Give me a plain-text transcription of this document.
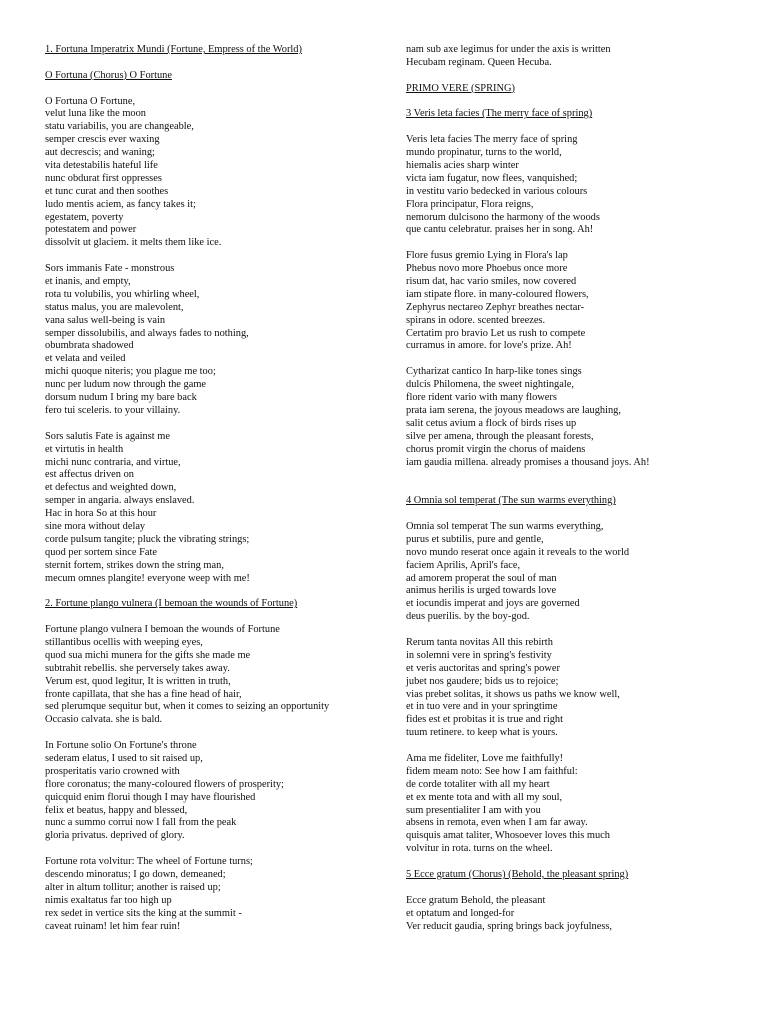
1. Fortuna Imperatrix Mundi (Fortune, Empress of the World)
O Fortuna (Chorus) O Fortune
O Fortuna O Fortune,
velut luna like the moon
statu variabilis, you are changeable,
semper crescis ever waxing
aut decrescis; and waning;
vita detestabilis hateful life
nunc obdurat first oppresses
et tunc curat and then soothes
ludo mentis aciem, as fancy takes it;
egestatem, poverty
potestatem and power
dissolvit ut glaciem. it melts them like ice.
Sors immanis Fate - monstrous
et inanis, and empty,
rota tu volubilis, you whirling wheel,
status malus, you are malevolent,
vana salus well-being is vain
semper dissolubilis, and always fades to nothing,
obumbrata shadowed
et velata and veiled
michi quoque niteris; you plague me too;
nunc per ludum now through the game
dorsum nudum I bring my bare back
fero tui sceleris. to your villainy.
Sors salutis Fate is against me
et virtutis in health
michi nunc contraria, and virtue,
est affectus driven on
et defectus and weighted down,
semper in angaria. always enslaved.
Hac in hora So at this hour
sine mora without delay
corde pulsum tangite; pluck the vibrating strings;
quod per sortem since Fate
sternit fortem, strikes down the string man,
mecum omnes plangite! everyone weep with me!
2. Fortune plango vulnera (I bemoan the wounds of Fortune)
Fortune plango vulnera I bemoan the wounds of Fortune
stillantibus ocellis with weeping eyes,
quod sua michi munera for the gifts she made me
subtrahit rebellis. she perversely takes away.
Verum est, quod legitur, It is written in truth,
fronte capillata, that she has a fine head of hair,
sed plerumque sequitur but, when it comes to seizing an opportunity
Occasio calvata. she is bald.
In Fortune solio On Fortune's throne
sederam elatus, I used to sit raised up,
prosperitatis vario crowned with
flore coronatus; the many-coloured flowers of prosperity;
quicquid enim florui though I may have flourished
felix et beatus, happy and blessed,
nunc a summo corrui now I fall from the peak
gloria privatus. deprived of glory.
Fortune rota volvitur: The wheel of Fortune turns;
descendo minoratus; I go down, demeaned;
alter in altum tollitur; another is raised up;
nimis exaltatus far too high up
rex sedet in vertice sits the king at the summit -
caveat ruinam! let him fear ruin!
nam sub axe legimus for under the axis is written
Hecubam reginam. Queen Hecuba.
PRIMO VERE (SPRING)
3 Veris leta facies (The merry face of spring)
Veris leta facies The merry face of spring
mundo propinatur, turns to the world,
hiemalis acies sharp winter
victa iam fugatur, now flees, vanquished;
in vestitu vario bedecked in various colours
Flora principatur, Flora reigns,
nemorum dulcisono the harmony of the woods
que cantu celebratur. praises her in song. Ah!
Flore fusus gremio Lying in Flora's lap
Phebus novo more Phoebus once more
risum dat, hac vario smiles, now covered
iam stipate flore. in many-coloured flowers,
Zephyrus nectareo Zephyr breathes nectar-
spirans in odore. scented breezes.
Certatim pro bravio Let us rush to compete
curramus in amore. for love's prize. Ah!
Cytharizat cantico In harp-like tones sings
dulcis Philomena, the sweet nightingale,
flore rident vario with many flowers
prata iam serena, the joyous meadows are laughing,
salit cetus avium a flock of birds rises up
silve per amena, through the pleasant forests,
chorus promit virgin the chorus of maidens
iam gaudia millena. already promises a thousand joys. Ah!
4 Omnia sol temperat (The sun warms everything)
Omnia sol temperat The sun warms everything,
purus et subtilis, pure and gentle,
novo mundo reserat once again it reveals to the world
faciem Aprilis, April's face,
ad amorem properat the soul of man
animus herilis is urged towards love
et iocundis imperat and joys are governed
deus puerilis. by the boy-god.
Rerum tanta novitas All this rebirth
in solemni vere in spring's festivity
et veris auctoritas and spring's power
jubet nos gaudere; bids us to rejoice;
vias prebet solitas, it shows us paths we know well,
et in tuo vere and in your springtime
fides est et probitas it is true and right
tuum retinere. to keep what is yours.
Ama me fideliter, Love me faithfully!
fidem meam noto: See how I am faithful:
de corde totaliter with all my heart
et ex mente tota and with all my soul,
sum presentialiter I am with you
absens in remota, even when I am far away.
quisquis amat taliter, Whosoever loves this much
volvitur in rota. turns on the wheel.
5 Ecce gratum (Chorus) (Behold, the pleasant spring)
Ecce gratum Behold, the pleasant
et optatum and longed-for
Ver reducit gaudia, spring brings back joyfulness,
